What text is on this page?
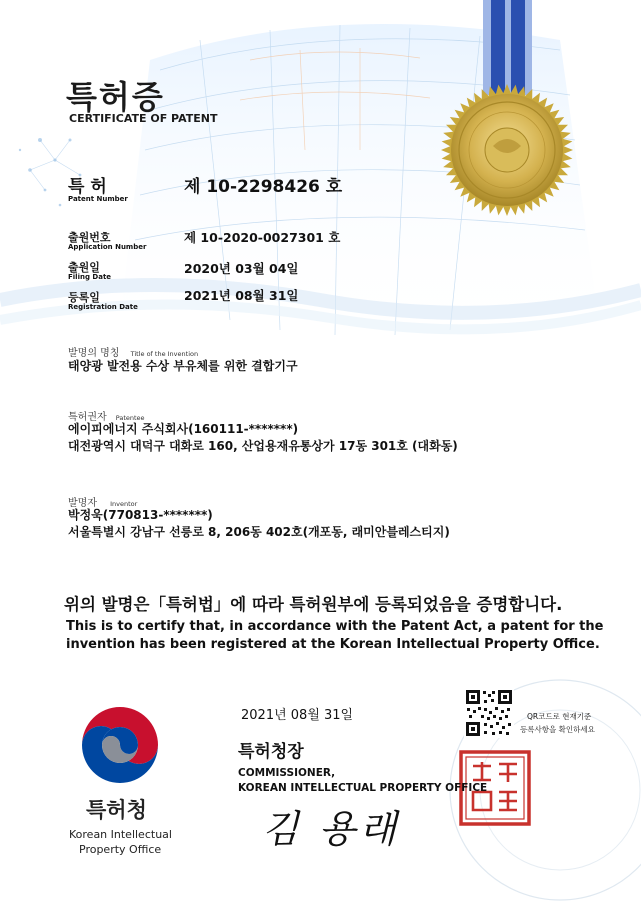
특허증
CERTIFICATE OF PATENT
특 허
Patent Number
제 10-2298426 호
출원번호
Application Number
제 10-2020-0027301 호
출원일
Filing Date
2020년 03월 04일
등록일
Registration Date
2021년 08월 31일
발명의 명칭 Title of the Invention
태양광 발전용 수상 부유체를 위한 결합기구
특허권자 Patentee
에이피에너지 주식회사(160111-*******)
대전광역시 대덕구 대화로 160, 산업용재유통상가 17동 301호 (대화동)
발명자 Inventor
박정욱(770813-*******)
서울특별시 강남구 선릉로 8, 206동 402호(개포동, 래미안블레스티지)
위의 발명은「특허법」에 따라 특허원부에 등록되었음을 증명합니다.
This is to certify that, in accordance with the Patent Act, a patent for the
invention has been registered at the Korean Intellectual Property Office.
2021년 08월 31일
특허청장
COMMISSIONER,
KOREAN INTELLECTUAL PROPERTY OFFICE
김 용래
특허청
Korean Intellectual
Property Office
QR코드로 현재기준
등록사항을 확인하세요
